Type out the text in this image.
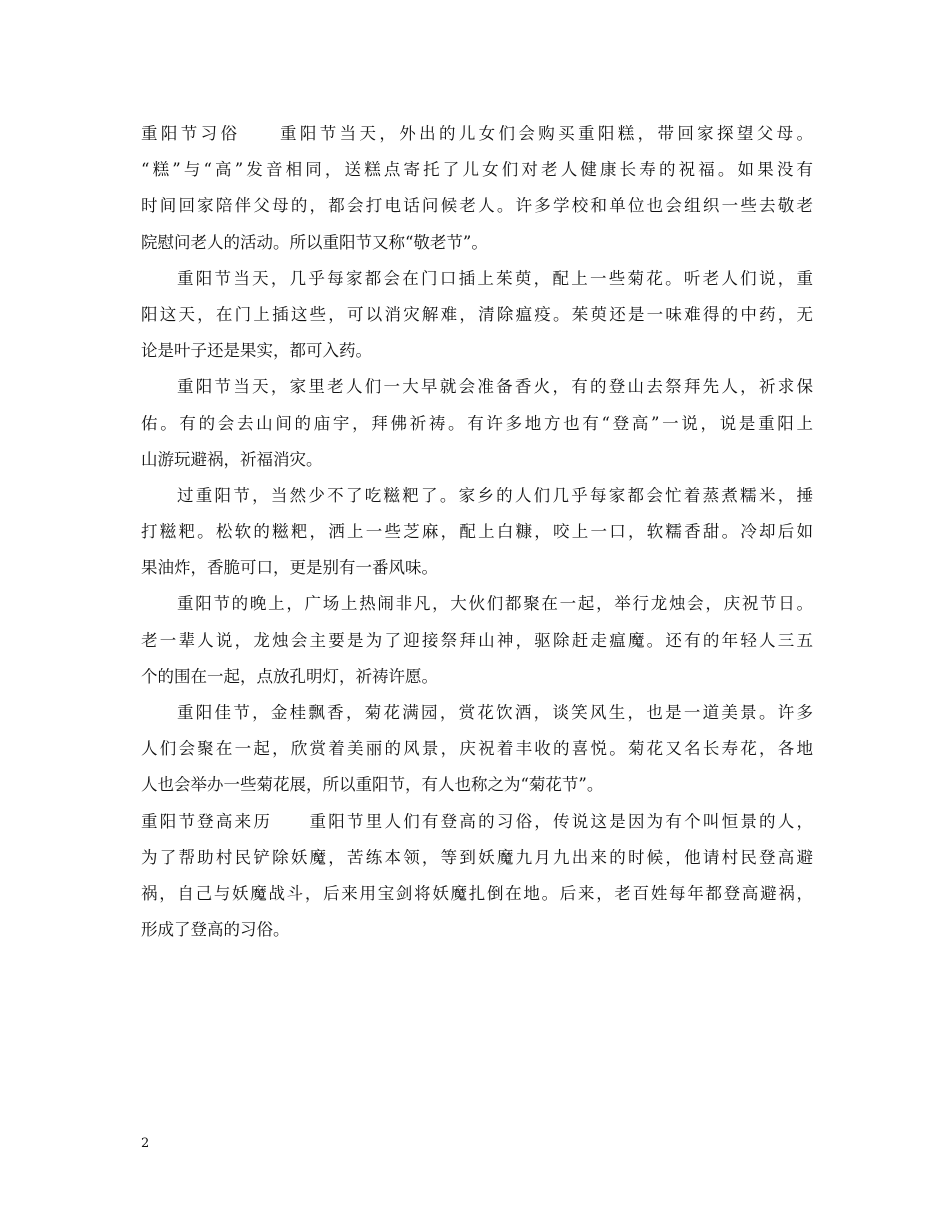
重阳节习俗　　重阳节当天，外出的儿女们会购买重阳糕，带回家探望父母。
“糕”与“高”发音相同，送糕点寄托了儿女们对老人健康长寿的祝福。如果没有
时间回家陪伴父母的，都会打电话问候老人。许多学校和单位也会组织一些去敬老
院慰问老人的活动。所以重阳节又称“敬老节”。
重阳节当天，几乎每家都会在门口插上茱萸，配上一些菊花。听老人们说，重
阳这天，在门上插这些，可以消灾解难，清除瘟疫。茱萸还是一味难得的中药，无
论是叶子还是果实，都可入药。
重阳节当天，家里老人们一大早就会准备香火，有的登山去祭拜先人，祈求保
佑。有的会去山间的庙宇，拜佛祈祷。有许多地方也有“登高”一说，说是重阳上
山游玩避祸，祈福消灾。
过重阳节，当然少不了吃糍粑了。家乡的人们几乎每家都会忙着蒸煮糯米，捶
打糍粑。松软的糍粑，洒上一些芝麻，配上白糠，咬上一口，软糯香甜。冷却后如
果油炸，香脆可口，更是别有一番风味。
重阳节的晚上，广场上热闹非凡，大伙们都聚在一起，举行龙烛会，庆祝节日。
老一辈人说，龙烛会主要是为了迎接祭拜山神，驱除赶走瘟魔。还有的年轻人三五
个的围在一起，点放孔明灯，祈祷许愿。
重阳佳节，金桂飘香，菊花满园，赏花饮酒，谈笑风生，也是一道美景。许多
人们会聚在一起，欣赏着美丽的风景，庆祝着丰收的喜悦。菊花又名长寿花，各地
人也会举办一些菊花展，所以重阳节，有人也称之为“菊花节”。
重阳节登高来历　　重阳节里人们有登高的习俗，传说这是因为有个叫恒景的人，
为了帮助村民铲除妖魔，苦练本领，等到妖魔九月九出来的时候，他请村民登高避
祸，自己与妖魔战斗，后来用宝剑将妖魔扎倒在地。后来，老百姓每年都登高避祸，
形成了登高的习俗。
2
